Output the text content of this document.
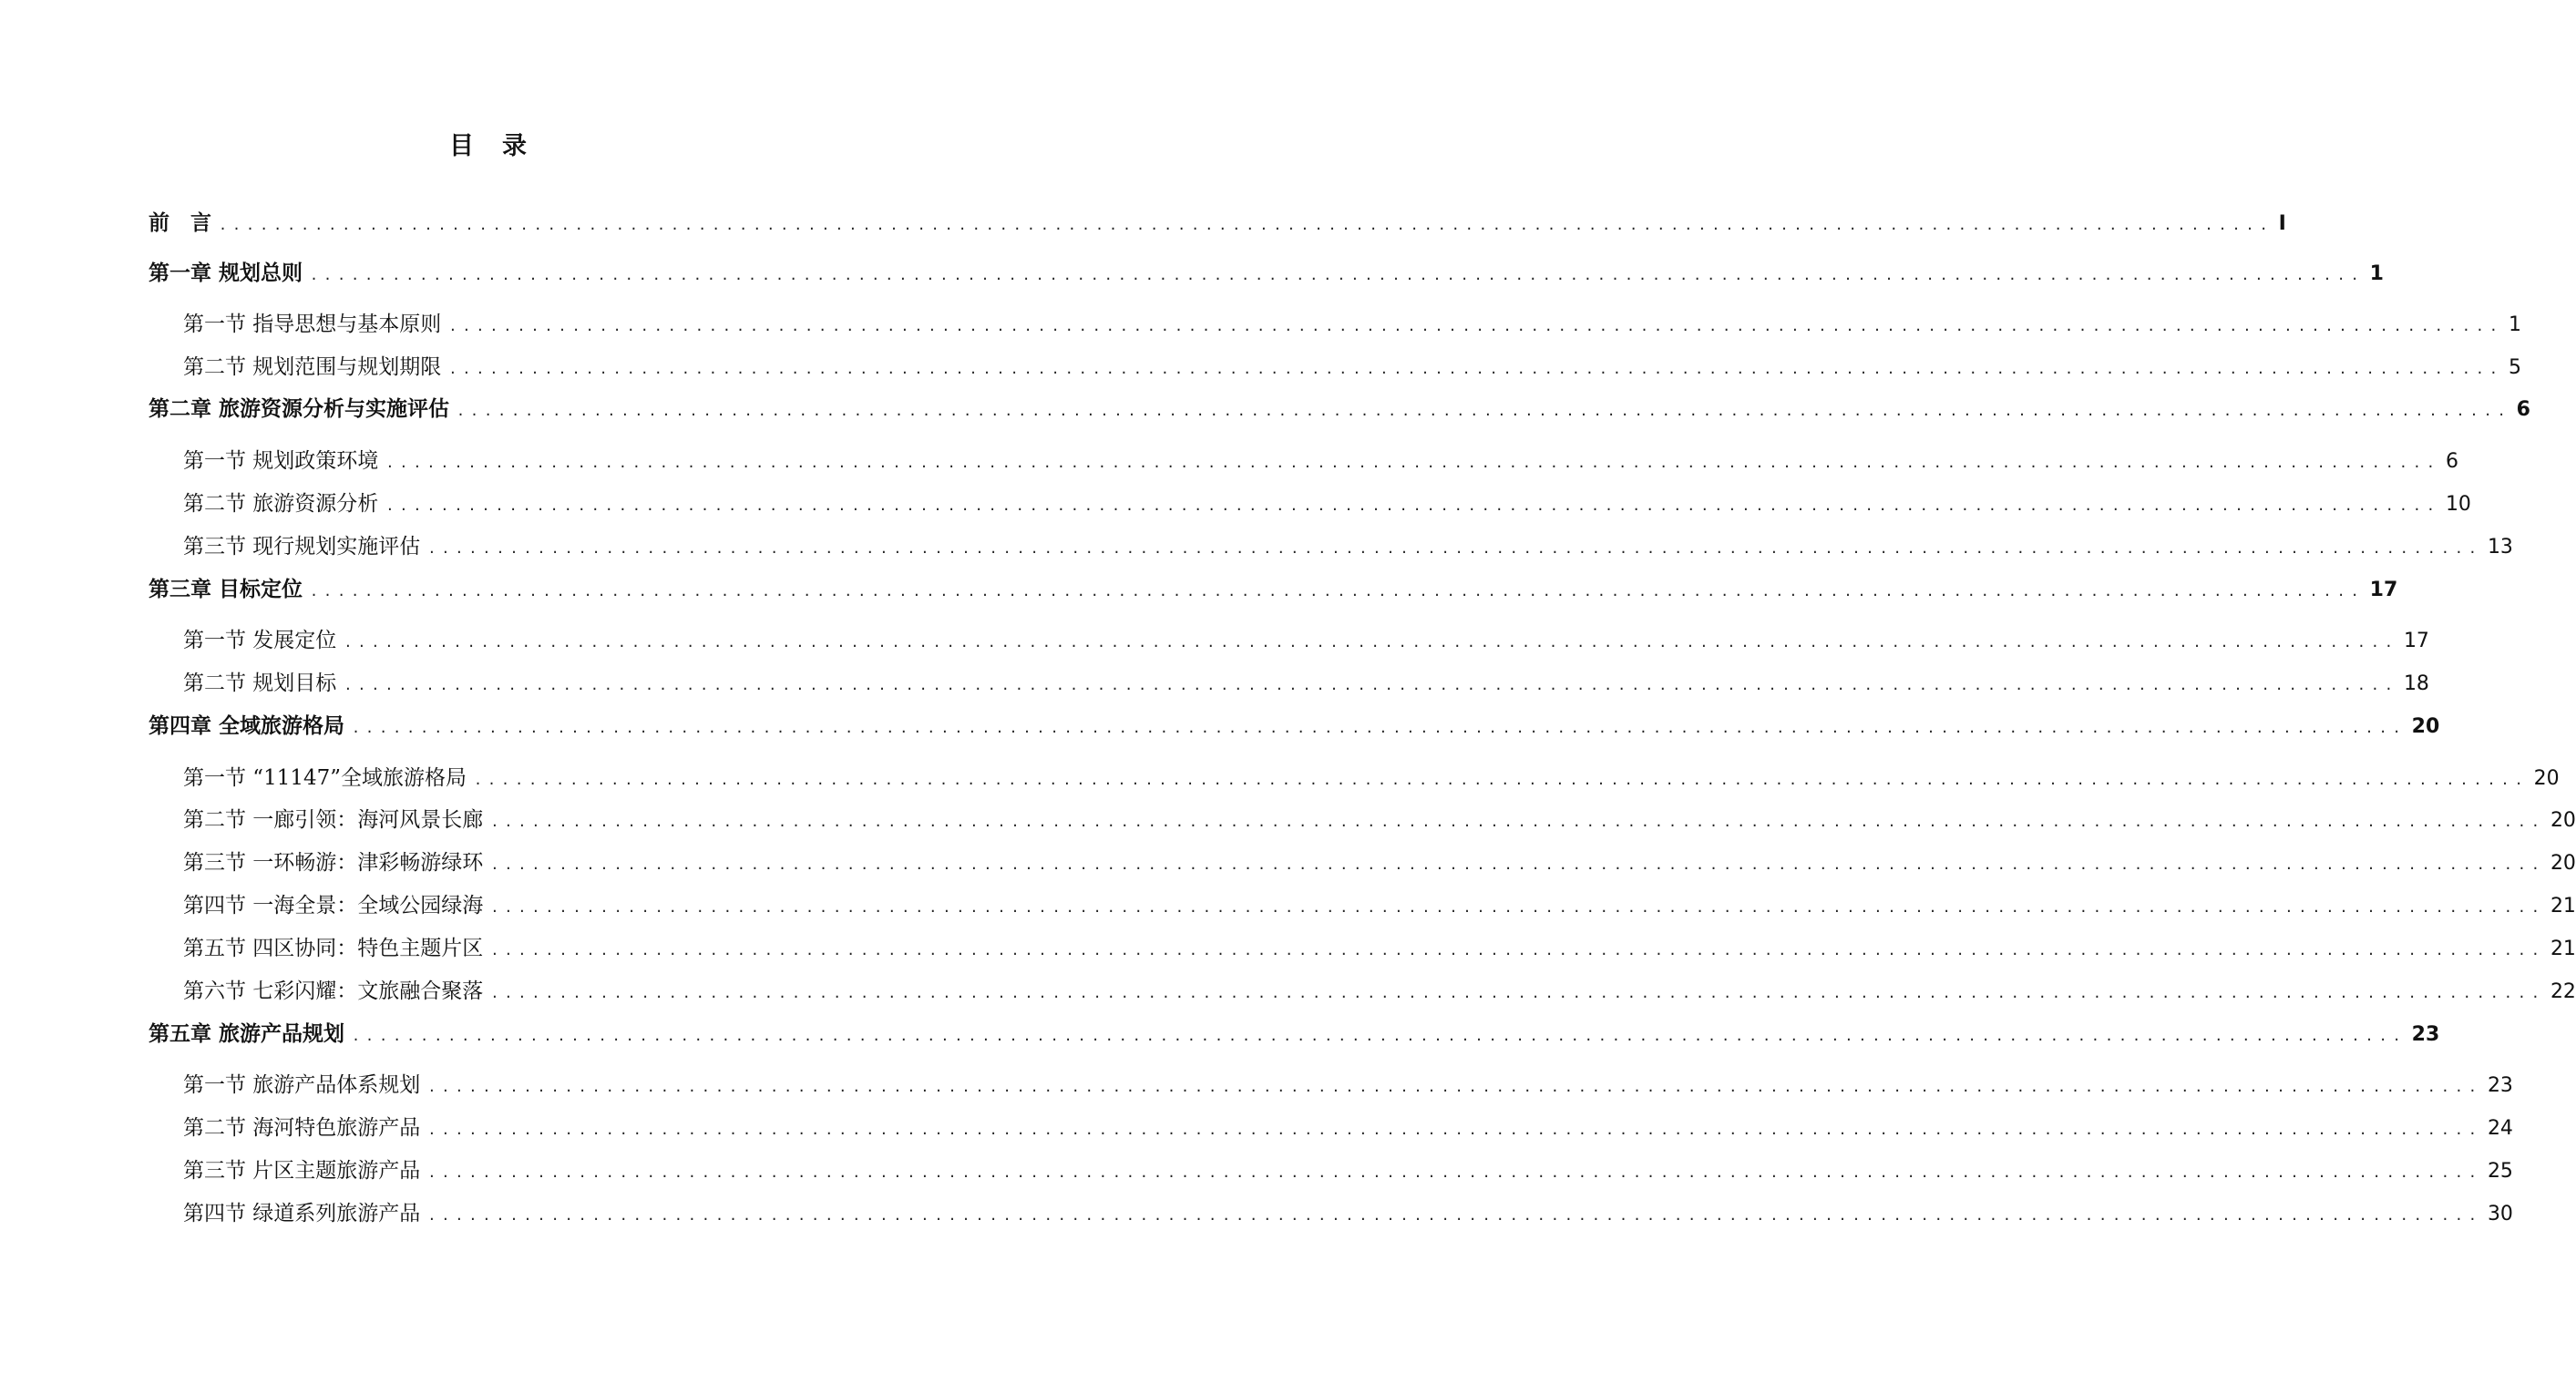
目　录
前　言 ...................................................................................................................................................... I
第一章 规划总则 ...................................................................................................................................................... 1
第一节 指导思想与基本原则 ...................................................................................................................................................... 1
第二节 规划范围与规划期限 ...................................................................................................................................................... 5
第二章 旅游资源分析与实施评估 ...................................................................................................................................................... 6
第一节 规划政策环境 ...................................................................................................................................................... 6
第二节 旅游资源分析 ...................................................................................................................................................... 10
第三节 现行规划实施评估 ...................................................................................................................................................... 13
第三章 目标定位 ...................................................................................................................................................... 17
第一节 发展定位 ...................................................................................................................................................... 17
第二节 规划目标 ...................................................................................................................................................... 18
第四章 全域旅游格局 ...................................................................................................................................................... 20
第一节 “11147”全域旅游格局 ...................................................................................................................................................... 20
第二节 一廊引领：海河风景长廊 ...................................................................................................................................................... 20
第三节 一环畅游：津彩畅游绿环 ...................................................................................................................................................... 20
第四节 一海全景：全域公园绿海 ...................................................................................................................................................... 21
第五节 四区协同：特色主题片区 ...................................................................................................................................................... 21
第六节 七彩闪耀：文旅融合聚落 ...................................................................................................................................................... 22
第五章 旅游产品规划 ...................................................................................................................................................... 23
第一节 旅游产品体系规划 ...................................................................................................................................................... 23
第二节 海河特色旅游产品 ...................................................................................................................................................... 24
第三节 片区主题旅游产品 ...................................................................................................................................................... 25
第四节 绿道系列旅游产品 ...................................................................................................................................................... 30
